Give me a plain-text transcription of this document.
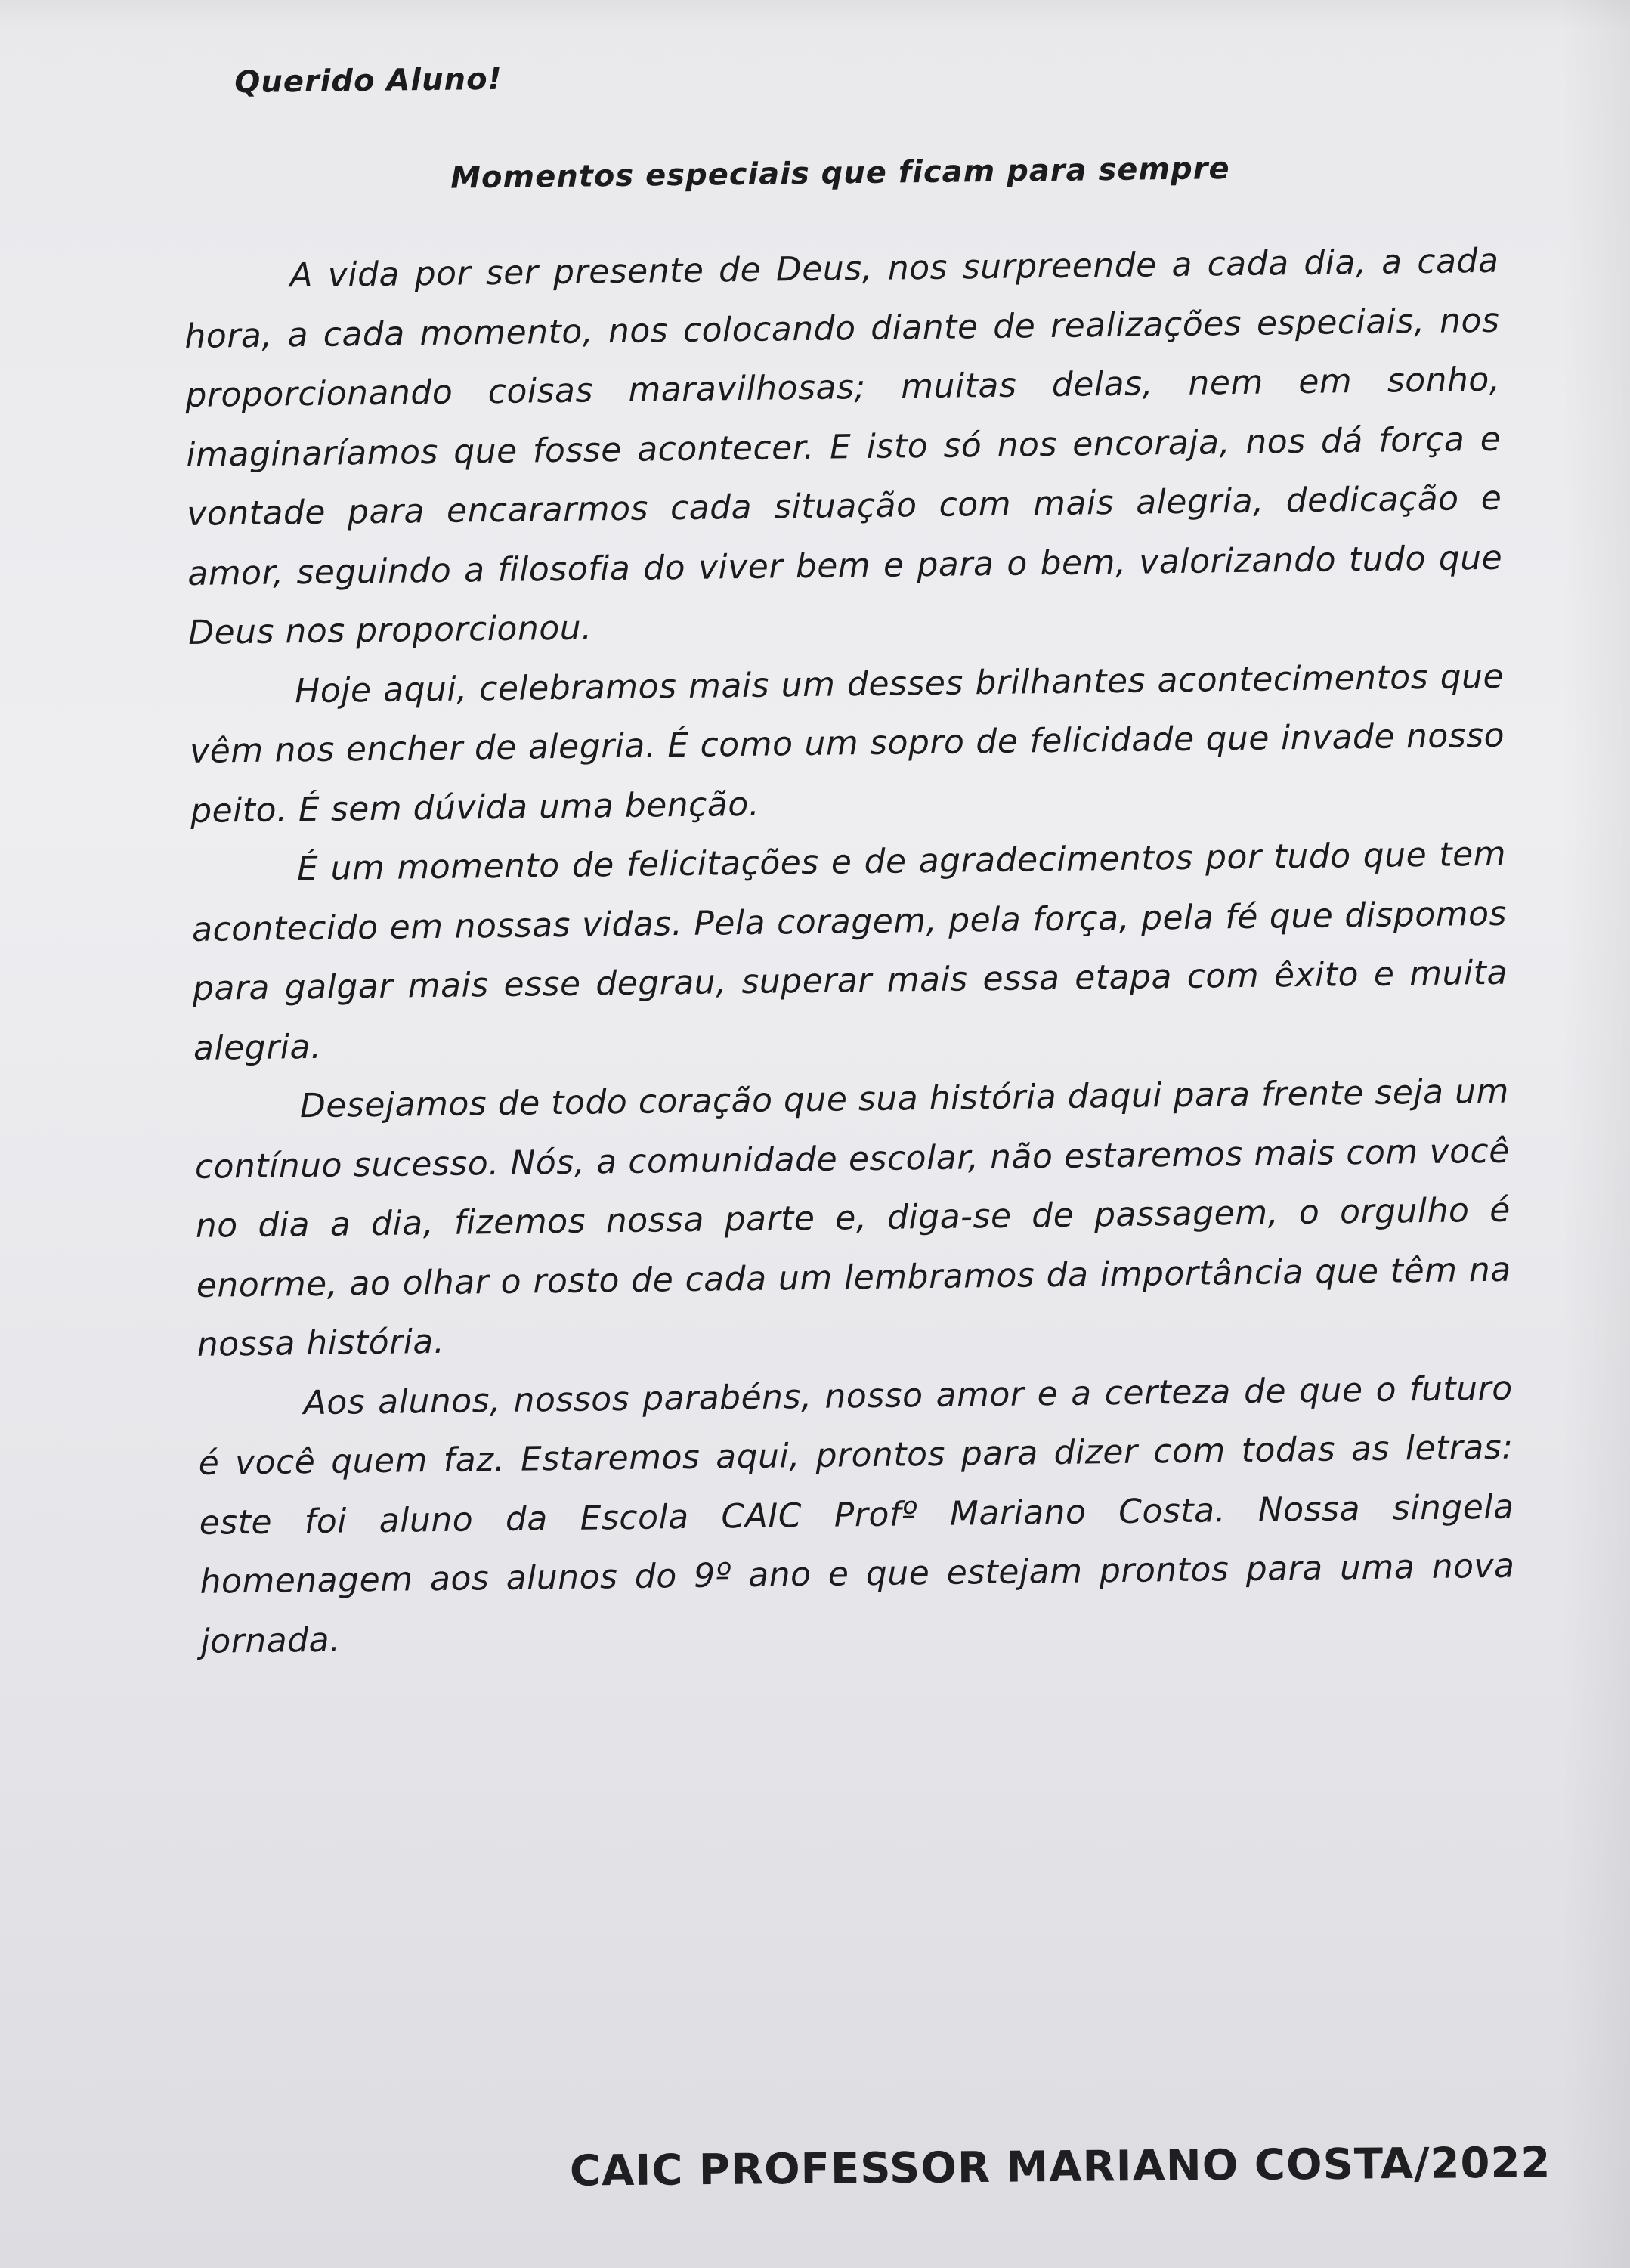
Querido Aluno!
Momentos especiais que ficam para sempre

A vida por ser presente de Deus, nos surpreende a cada dia, a cada hora, a cada momento, nos colocando diante de realizações especiais, nos proporcionando coisas maravilhosas; muitas delas, nem em sonho, imaginaríamos que fosse acontecer. E isto só nos encoraja, nos dá força e vontade para encararmos cada situação com mais alegria, dedicação e amor, seguindo a filosofia do viver bem e para o bem, valorizando tudo que Deus nos proporcionou.

Hoje aqui, celebramos mais um desses brilhantes acontecimentos que vêm nos encher de alegria. É como um sopro de felicidade que invade nosso peito. É sem dúvida uma benção.

É um momento de felicitações e de agradecimentos por tudo que tem acontecido em nossas vidas. Pela coragem, pela força, pela fé que dispomos para galgar mais esse degrau, superar mais essa etapa com êxito e muita alegria.

Desejamos de todo coração que sua história daqui para frente seja um contínuo sucesso. Nós, a comunidade escolar, não estaremos mais com você no dia a dia, fizemos nossa parte e, diga-se de passagem, o orgulho é enorme, ao olhar o rosto de cada um lembramos da importância que têm na nossa história.

Aos alunos, nossos parabéns, nosso amor e a certeza de que o futuro é você quem faz. Estaremos aqui, prontos para dizer com todas as letras: este foi aluno da Escola CAIC Profº Mariano Costa. Nossa singela homenagem aos alunos do 9º ano e que estejam prontos para uma nova jornada.

CAIC PROFESSOR MARIANO COSTA/2022
